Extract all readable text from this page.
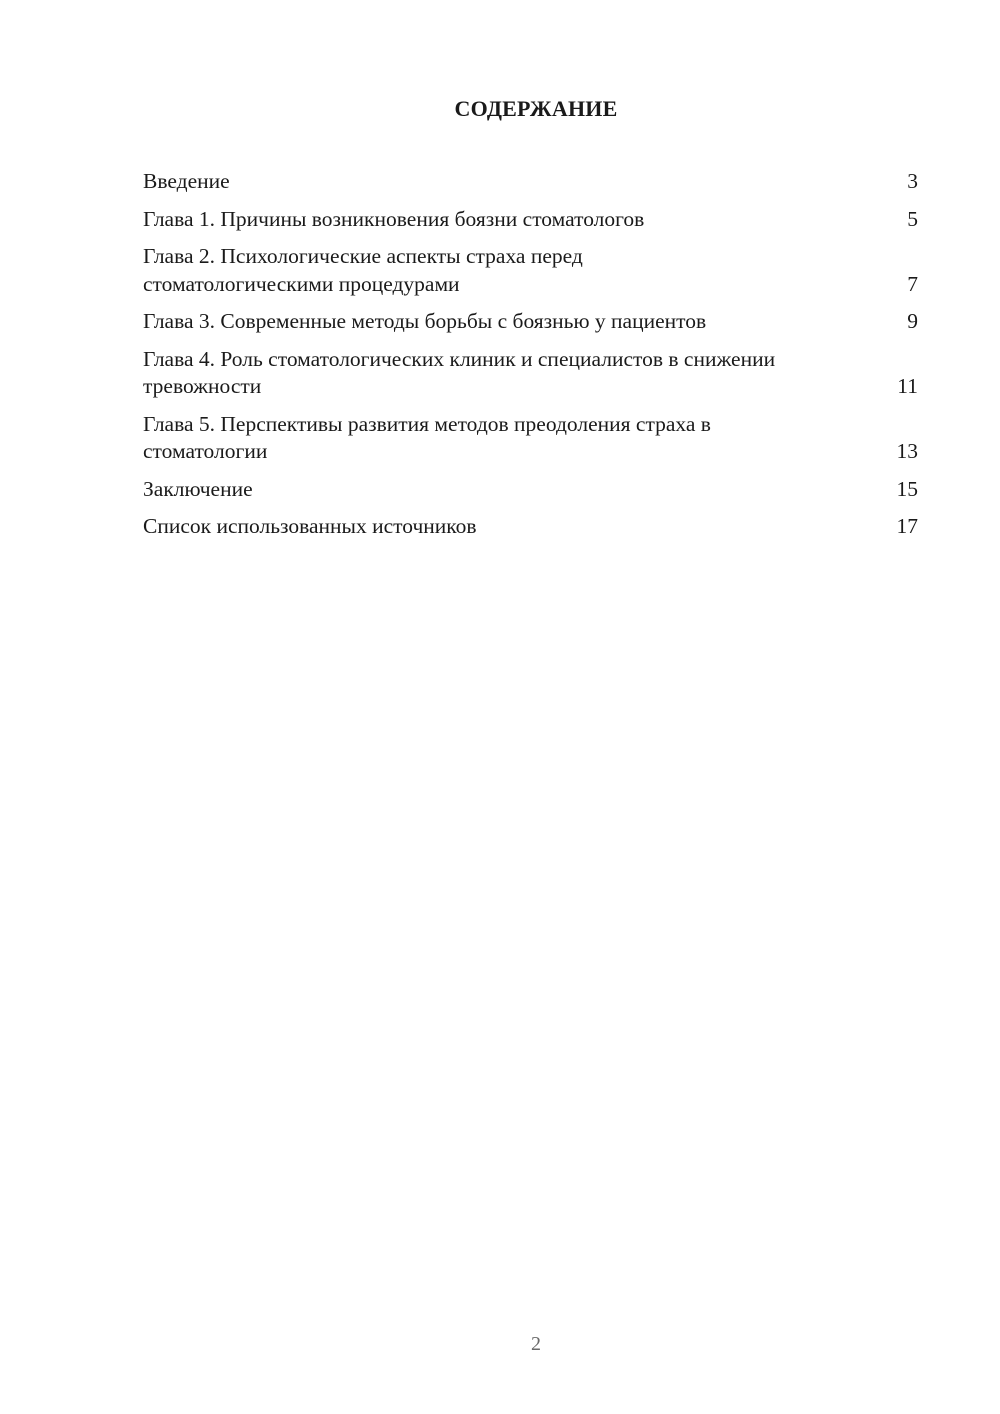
СОДЕРЖАНИЕ
Введение	3
Глава 1. Причины возникновения боязни стоматологов	5
Глава 2. Психологические аспекты страха перед стоматологическими процедурами	7
Глава 3. Современные методы борьбы с боязнью у пациентов	9
Глава 4. Роль стоматологических клиник и специалистов в снижении тревожности	11
Глава 5. Перспективы развития методов преодоления страха в стоматологии	13
Заключение	15
Список использованных источников	17
2
